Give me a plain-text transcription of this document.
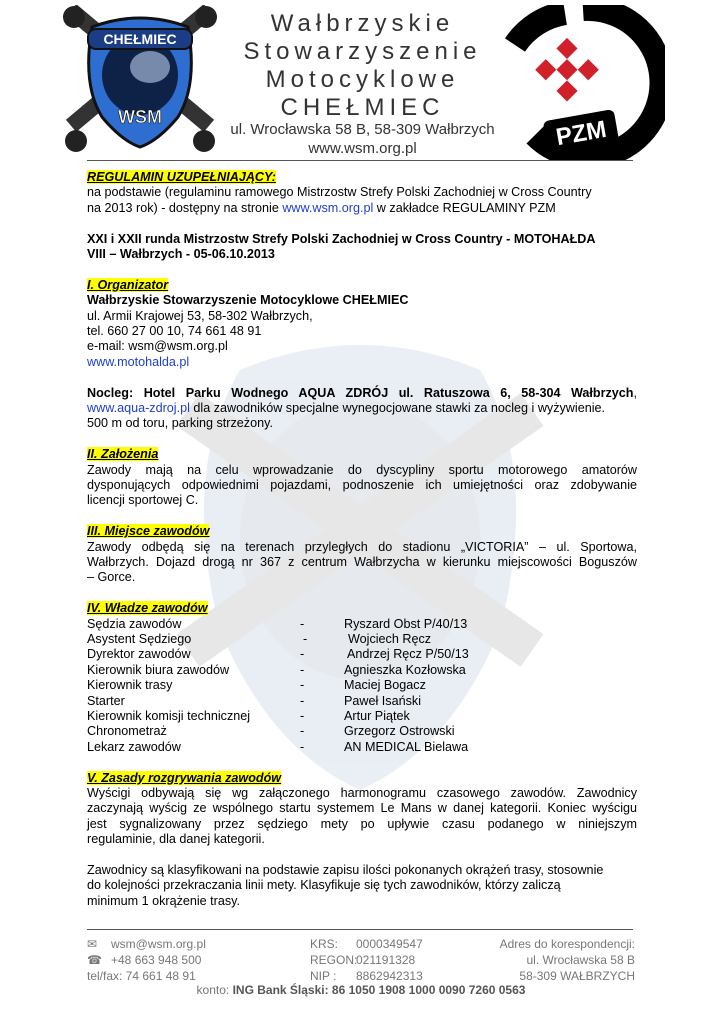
CHEŁMIEC
WSM
Wałbrzyskie
Stowarzyszenie
Motocyklowe
CHEŁMIEC
ul. Wrocławska 58 B, 58-309 Wałbrzych
www.wsm.org.pl	PZM

REGULAMIN UZUPEŁNIAJĄCY:

na podstawie (regulaminu ramowego Mistrzostw Strefy Polski Zachodniej w Cross Country

na 2013 rok) - dostępny na stronie www.wsm.org.pl w zakładce REGULAMINY PZM

XXI i XXII runda Mistrzostw Strefy Polski Zachodniej w Cross Country - MOTOHAŁDA

VIII – Wałbrzych - 05-06.10.2013

I. Organizator

Wałbrzyskie Stowarzyszenie Motocyklowe CHEŁMIEC

ul. Armii Krajowej 53, 58-302 Wałbrzych,

tel. 660 27 00 10, 74 661 48 91

e-mail: wsm@wsm.org.pl

www.motohalda.pl

Nocleg: Hotel Parku Wodnego AQUA ZDRÓJ ul. Ratuszowa 6, 58-304 Wałbrzych,

www.aqua-zdroj.pl dla zawodników specjalne wynegocjowane stawki za nocleg i wyżywienie.

500 m od toru, parking strzeżony.

II. Założenia

Zawody mają na celu wprowadzanie do dyscypliny sportu motorowego amatorów

dysponujących odpowiednimi pojazdami, podnoszenie ich umiejętności oraz zdobywanie

licencji sportowej C.

III. Miejsce zawodów

Zawody odbędą się na terenach przyległych do stadionu „VICTORIA” – ul. Sportowa,

Wałbrzych. Dojazd drogą nr 367 z centrum Wałbrzycha w kierunku miejscowości Boguszów

– Gorce.

IV. Władze zawodów

Sędzia zawodów	-	Ryszard Obst P/40/13
Asystent Sędziego	-	Wojciech Ręcz
Dyrektor zawodów	-	Andrzej Ręcz P/50/13
Kierownik biura zawodów	-	Agnieszka Kozłowska
Kierownik trasy	-	Maciej Bogacz
Starter	-	Paweł Isański
Kierownik komisji technicznej	-	Artur Piątek
Chronometraż	-	Grzegorz Ostrowski
Lekarz zawodów	-	AN MEDICAL Bielawa

V. Zasady rozgrywania zawodów

Wyścigi odbywają się wg załączonego harmonogramu czasowego zawodów. Zawodnicy

zaczynają wyścig ze wspólnego startu systemem Le Mans w danej kategorii. Koniec wyścigu

jest sygnalizowany przez sędziego mety po upływie czasu podanego w niniejszym

regulaminie, dla danej kategorii.

Zawodnicy są klasyfikowani na podstawie zapisu ilości pokonanych okrążeń trasy, stosownie

do kolejności przekraczania linii mety. Klasyfikuje się tych zawodników, którzy zaliczą

minimum 1 okrążenie trasy.

✉ wsm@wsm.org.pl
☎ +48 663 948 500
tel/fax: 74 661 48 91
KRS: 0000349547
REGON:021191328
NIP : 8862942313
Adres do korespondencji:
ul. Wrocławska 58 B
58-309 WAŁBRZYCH
konto: ING Bank Śląski: 86 1050 1908 1000 0090 7260 0563
